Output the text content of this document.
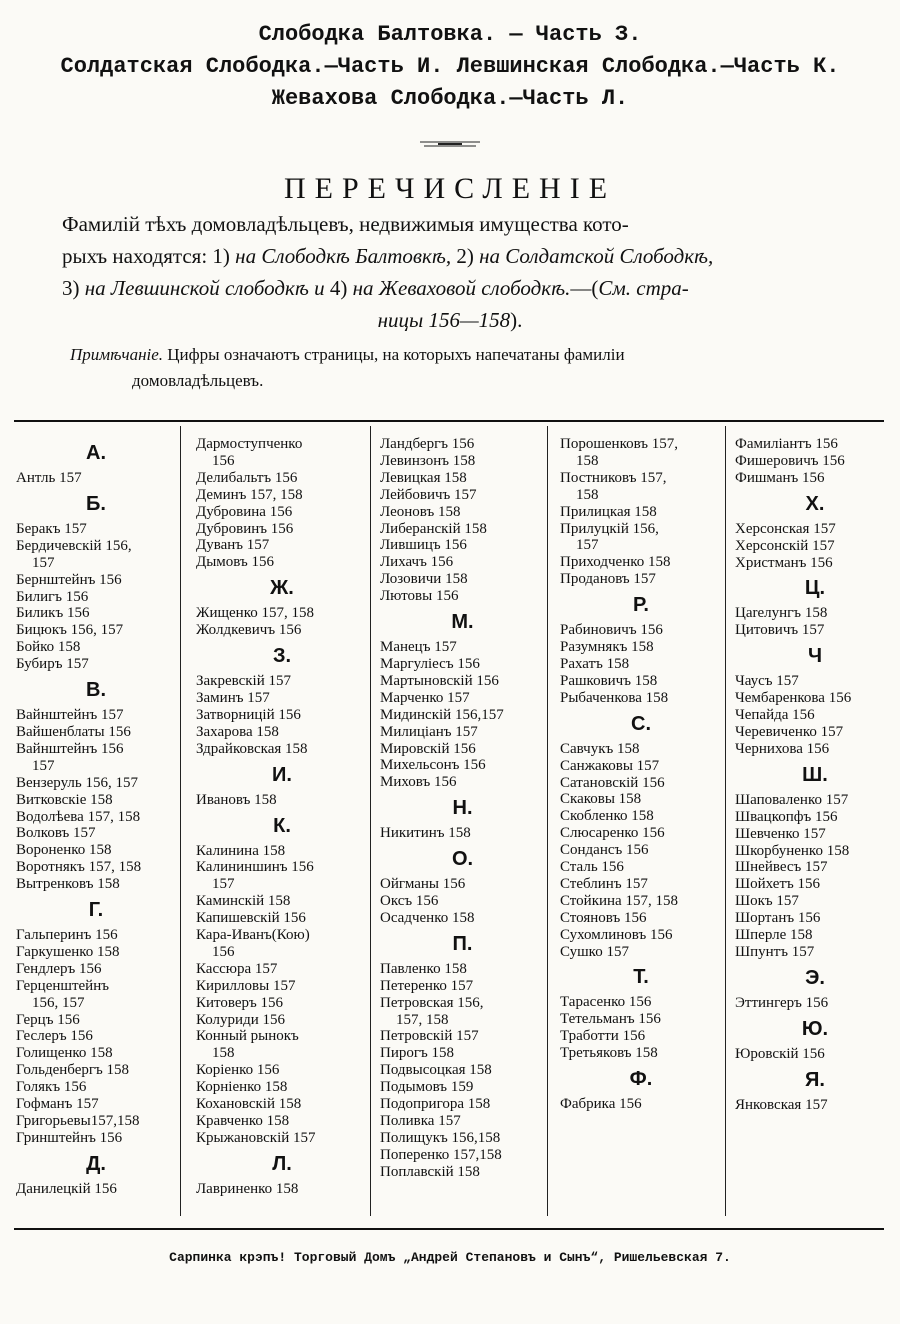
Слободка Балтовка. — Часть З.
Солдатская Слободка.—Часть И. Левшинская Слободка.—Часть К.
Жевахова Слободка.—Часть Л.
ПЕРЕЧИСЛЕНІЕ
Фамилій тѣхъ домовладѣльцевъ, недвижимыя имущества кото-
рыхъ находятся: 1) на Слободкѣ Балтовкѣ, 2) на Солдатской Слободкѣ,
3) на Левшинской слободкѣ и 4) на Жеваховой слободкѣ.—(См. стра-
ницы 156—158).
Примѣчаніе. Цифры означаютъ страницы, на которыхъ напечатаны фамиліи
домовладѣльцевъ.
А.
Антль 157
Б.
Беракъ 157
Бердичевскій 156,
157
Бернштейнъ 156
Билигъ 156
Биликъ 156
Бицюкъ 156, 157
Бойко 158
Бубиръ 157
В.
Вайнштейнъ 157
Вайшенблаты 156
Вайнштейнъ 156
157
Вензеруль 156, 157
Витковскіе 158
Водолѣева 157, 158
Волковъ 157
Вороненко 158
Воротнякъ 157, 158
Вытренковъ 158
Г.
Гальперинъ 156
Гаркушенко 158
Гендлеръ 156
Герценштейнъ
156, 157
Герцъ 156
Геслеръ 156
Голищенко 158
Гольденбергъ 158
Голякъ 156
Гофманъ 157
Григорьевы157,158
Гринштейнъ 156
Д.
Данилецкій 156
Дармоступченко
156
Делибальтъ 156
Деминъ 157, 158
Дубровина 156
Дубровинъ 156
Дуванъ 157
Дымовъ 156
Ж.
Жищенко 157, 158
Жолдкевичъ 156
З.
Закревскій 157
Заминъ 157
Затворницій 156
Захарова 158
Здрайковская 158
И.
Ивановъ 158
К.
Калинина 158
Калининшинъ 156
157
Каминскій 158
Капишевскій 156
Кара-Иванъ(Кою)
156
Кассюра 157
Кирилловы 157
Китоверъ 156
Колуриди 156
Конный рынокъ
158
Коріенко 156
Корніенко 158
Кохановскій 158
Кравченко 158
Крыжановскій 157
Л.
Лавриненко 158
Ландбергъ 156
Левинзонъ 158
Левицкая 158
Лейбовичъ 157
Леоновъ 158
Либеранскій 158
Лившицъ 156
Лихачъ 156
Лозовичи 158
Лютовы 156
М.
Манецъ 157
Маргуліесъ 156
Мартыновскій 156
Марченко 157
Мидинскій 156,157
Милиціанъ 157
Мировскій 156
Михельсонъ 156
Миховъ 156
Н.
Никитинъ 158
О.
Ойгманы 156
Оксъ 156
Осадченко 158
П.
Павленко 158
Петеренко 157
Петровская 156,
157, 158
Петровскій 157
Пирогъ 158
Подвысоцкая 158
Подымовъ 159
Подопригора 158
Поливка 157
Полищукъ 156,158
Поперенко 157,158
Поплавскій 158
Порошенковъ 157,
158
Постниковъ 157,
158
Прилицкая 158
Прилуцкій 156,
157
Приходченко 158
Продановъ 157
Р.
Рабиновичъ 156
Разумнякъ 158
Рахатъ 158
Рашковичъ 158
Рыбаченкова 158
С.
Савчукъ 158
Санжаковы 157
Сатановскій 156
Скаковы 158
Скобленко 158
Слюсаренко 156
Сондансъ 156
Сталь 156
Стеблинъ 157
Стойкина 157, 158
Стояновъ 156
Сухомлиновъ 156
Сушко 157
Т.
Тарасенко 156
Тетельманъ 156
Тработти 156
Третьяковъ 158
Ф.
Фабрика 156
Фамиліантъ 156
Фишеровичъ 156
Фишманъ 156
Х.
Херсонская 157
Херсонскій 157
Христманъ 156
Ц.
Цareлунгъ 158
Цитовичъ 157
Ч
Чаусъ 157
Чембаренкова 156
Чепайда 156
Черевиченко 157
Чернихова 156
Ш.
Шаповаленко 157
Швацкопфъ 156
Шевченко 157
Шкорбуненко 158
Шнейвесъ 157
Шойхетъ 156
Шокъ 157
Шортанъ 156
Шперле 158
Шпунтъ 157
Э.
Эттингеръ 156
Ю.
Юровскій 156
Я.
Янковская 157
Сарпинка крэпъ! Торговый Домъ „Андрей Степановъ и Сынъ“, Ришельевская 7.
